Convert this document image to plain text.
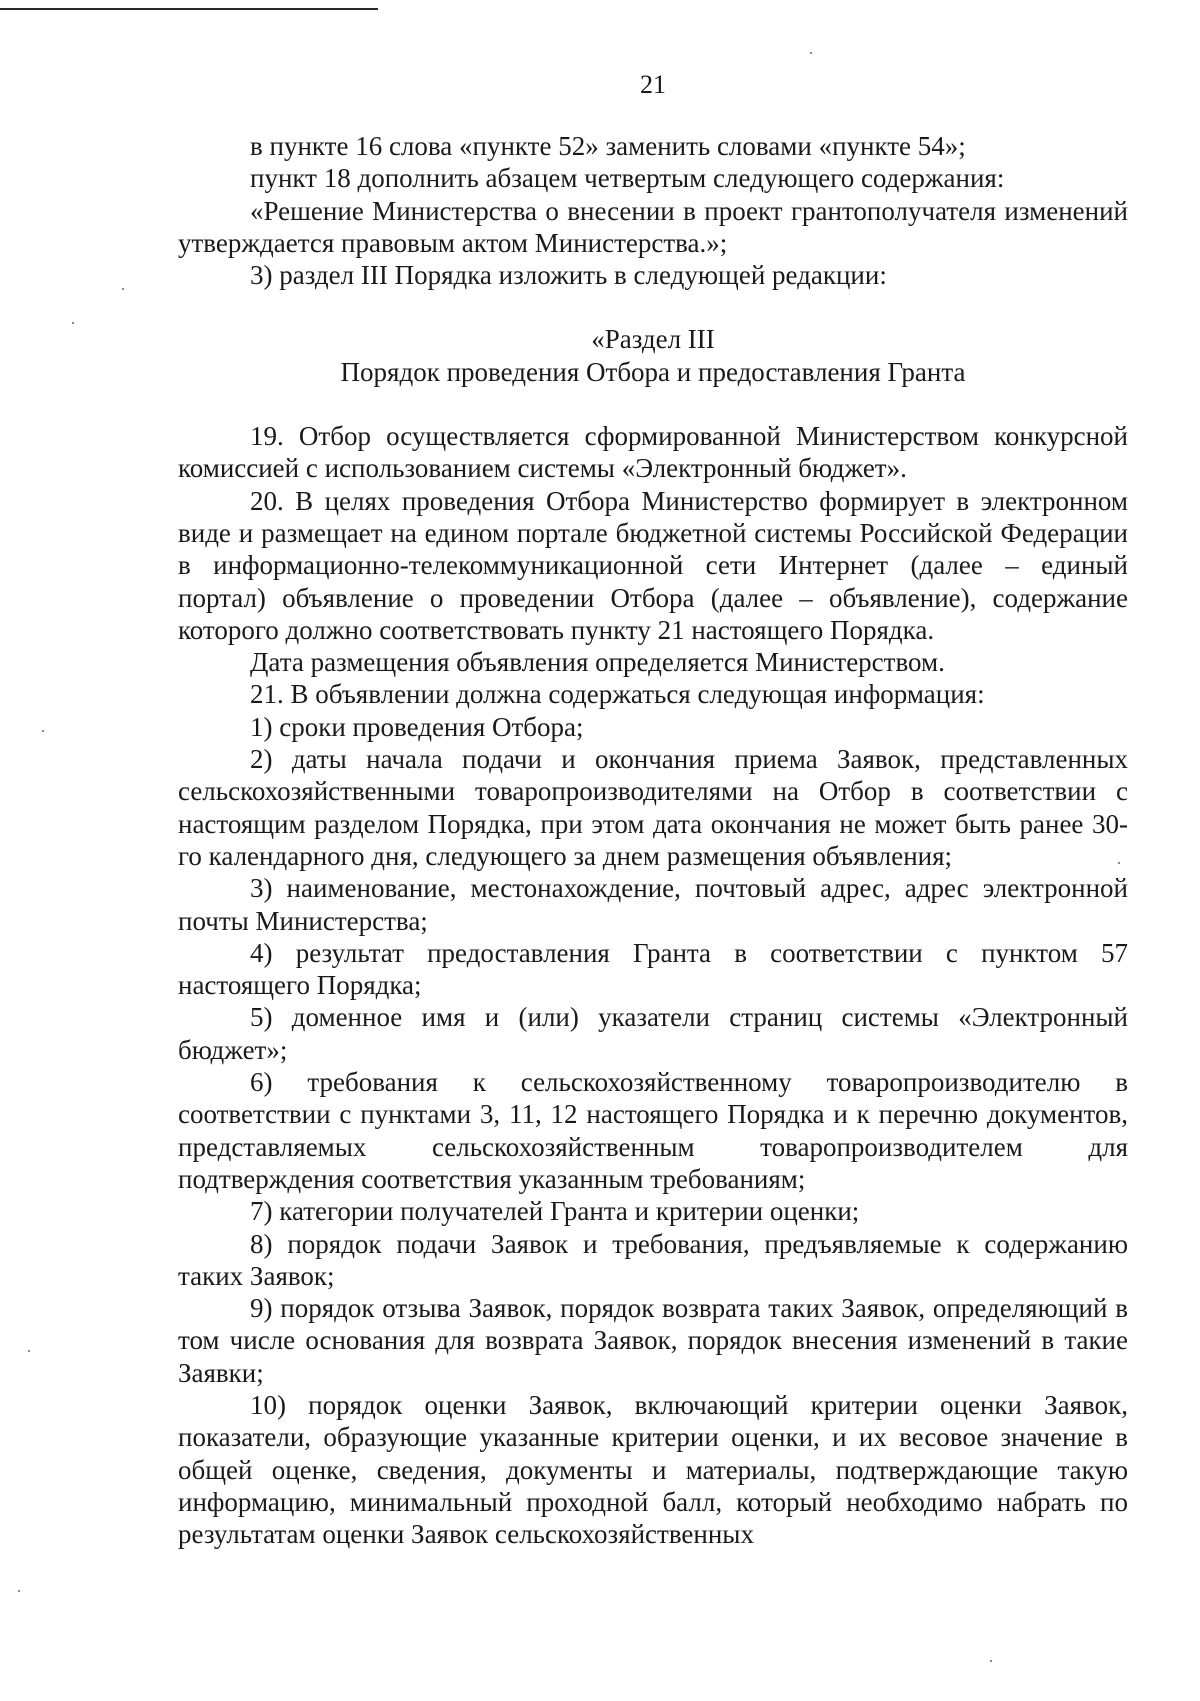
21

в пункте 16 слова «пункте 52» заменить словами «пункте 54»;

пункт 18 дополнить абзацем четвертым следующего содержания:

«Решение Министерства о внесении в проект грантополучателя изменений утверждается правовым актом Министерства.»;

3) раздел III Порядка изложить в следующей редакции:

«Раздел III

Порядок проведения Отбора и предоставления Гранта

19. Отбор осуществляется сформированной Министерством конкурсной комиссией с использованием системы «Электронный бюджет».

20. В целях проведения Отбора Министерство формирует в электронном виде и размещает на едином портале бюджетной системы Российской Федерации в информационно-телекоммуникационной сети Интернет (далее – единый портал) объявление о проведении Отбора (далее – объявление), содержание которого должно соответствовать пункту 21 настоящего Порядка.

Дата размещения объявления определяется Министерством.

21. В объявлении должна содержаться следующая информация:

1) сроки проведения Отбора;

2) даты начала подачи и окончания приема Заявок, представленных сельскохозяйственными товаропроизводителями на Отбор в соответствии с настоящим разделом Порядка, при этом дата окончания не может быть ранее 30-го календарного дня, следующего за днем размещения объявления;

3) наименование, местонахождение, почтовый адрес, адрес электронной почты Министерства;

4) результат предоставления Гранта в соответствии с пунктом 57 настоящего Порядка;

5) доменное имя и (или) указатели страниц системы «Электронный бюджет»;

6) требования к сельскохозяйственному товаропроизводителю в соответствии с пунктами 3, 11, 12 настоящего Порядка и к перечню документов, представляемых сельскохозяйственным товаропроизводителем для подтверждения соответствия указанным требованиям;

7) категории получателей Гранта и критерии оценки;

8) порядок подачи Заявок и требования, предъявляемые к содержанию таких Заявок;

9) порядок отзыва Заявок, порядок возврата таких Заявок, определяющий в том числе основания для возврата Заявок, порядок внесения изменений в такие Заявки;

10) порядок оценки Заявок, включающий критерии оценки Заявок, показатели, образующие указанные критерии оценки, и их весовое значение в общей оценке, сведения, документы и материалы, подтверждающие такую информацию, минимальный проходной балл, который необходимо набрать по результатам оценки Заявок сельскохозяйственных
